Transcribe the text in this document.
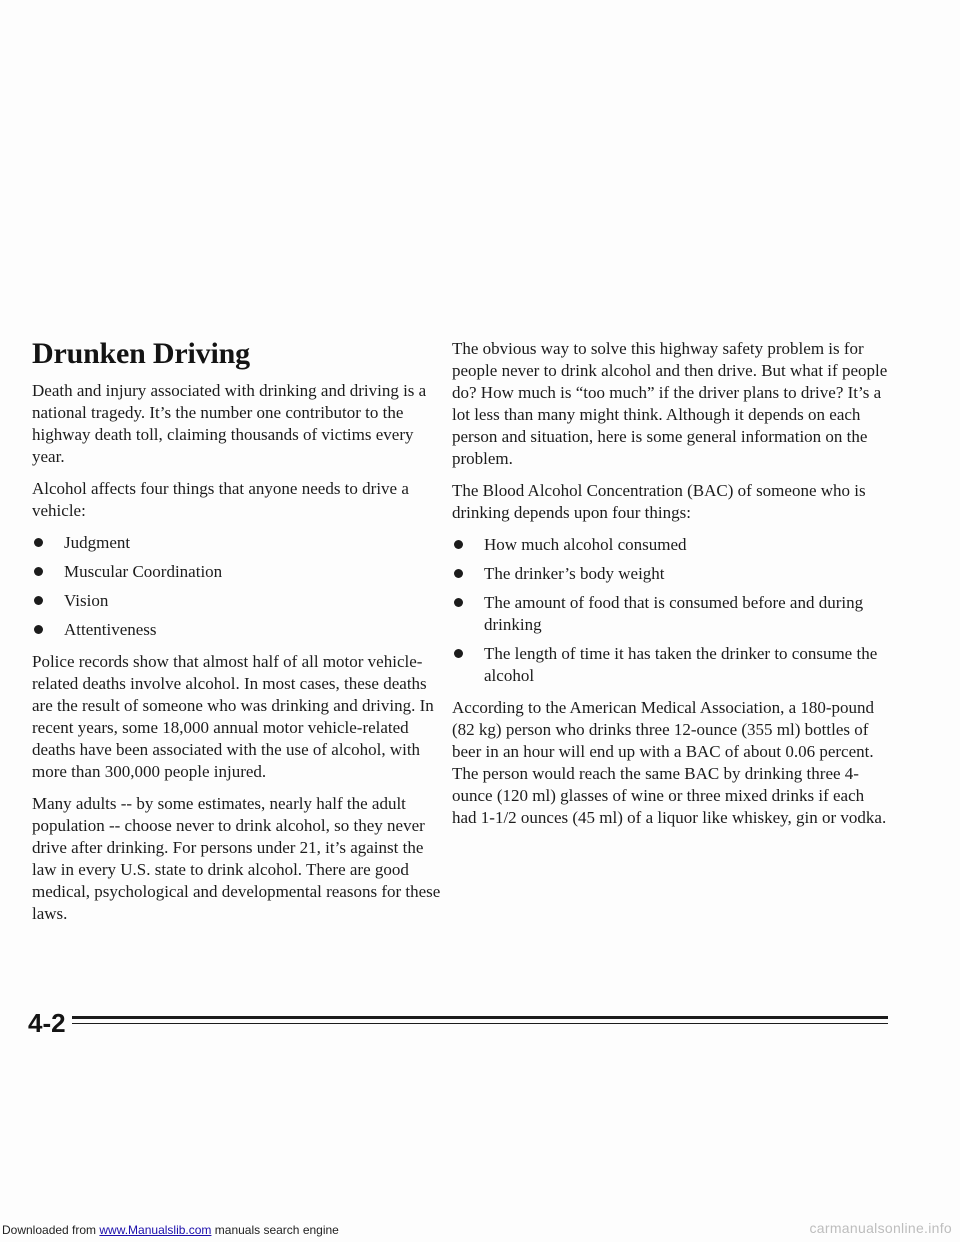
Drunken Driving

Death and injury associated with drinking and driving is a national tragedy. It’s the number one contributor to the highway death toll, claiming thousands of victims every year.

Alcohol affects four things that anyone needs to drive a vehicle:

Judgment
Muscular Coordination
Vision
Attentiveness

Police records show that almost half of all motor vehicle-related deaths involve alcohol. In most cases, these deaths are the result of someone who was drinking and driving. In recent years, some 18,000 annual motor vehicle-related deaths have been associated with the use of alcohol, with more than 300,000 people injured.

Many adults -- by some estimates, nearly half the adult population -- choose never to drink alcohol, so they never drive after drinking. For persons under 21, it’s against the law in every U.S. state to drink alcohol. There are good medical, psychological and developmental reasons for these laws.

The obvious way to solve this highway safety problem is for people never to drink alcohol and then drive. But what if people do? How much is “too much” if the driver plans to drive? It’s a lot less than many might think. Although it depends on each person and situation, here is some general information on the problem.

The Blood Alcohol Concentration (BAC) of someone who is drinking depends upon four things:

How much alcohol consumed
The drinker’s body weight
The amount of food that is consumed before and during drinking
The length of time it has taken the drinker to consume the alcohol

According to the American Medical Association, a 180-pound (82 kg) person who drinks three 12-ounce (355 ml) bottles of beer in an hour will end up with a BAC of about 0.06 percent. The person would reach the same BAC by drinking three 4-ounce (120 ml) glasses of wine or three mixed drinks if each had 1-1/2 ounces (45 ml) of a liquor like whiskey, gin or vodka.

4-2
Downloaded from www.Manualslib.com manuals search engine	carmanualsonline.info
